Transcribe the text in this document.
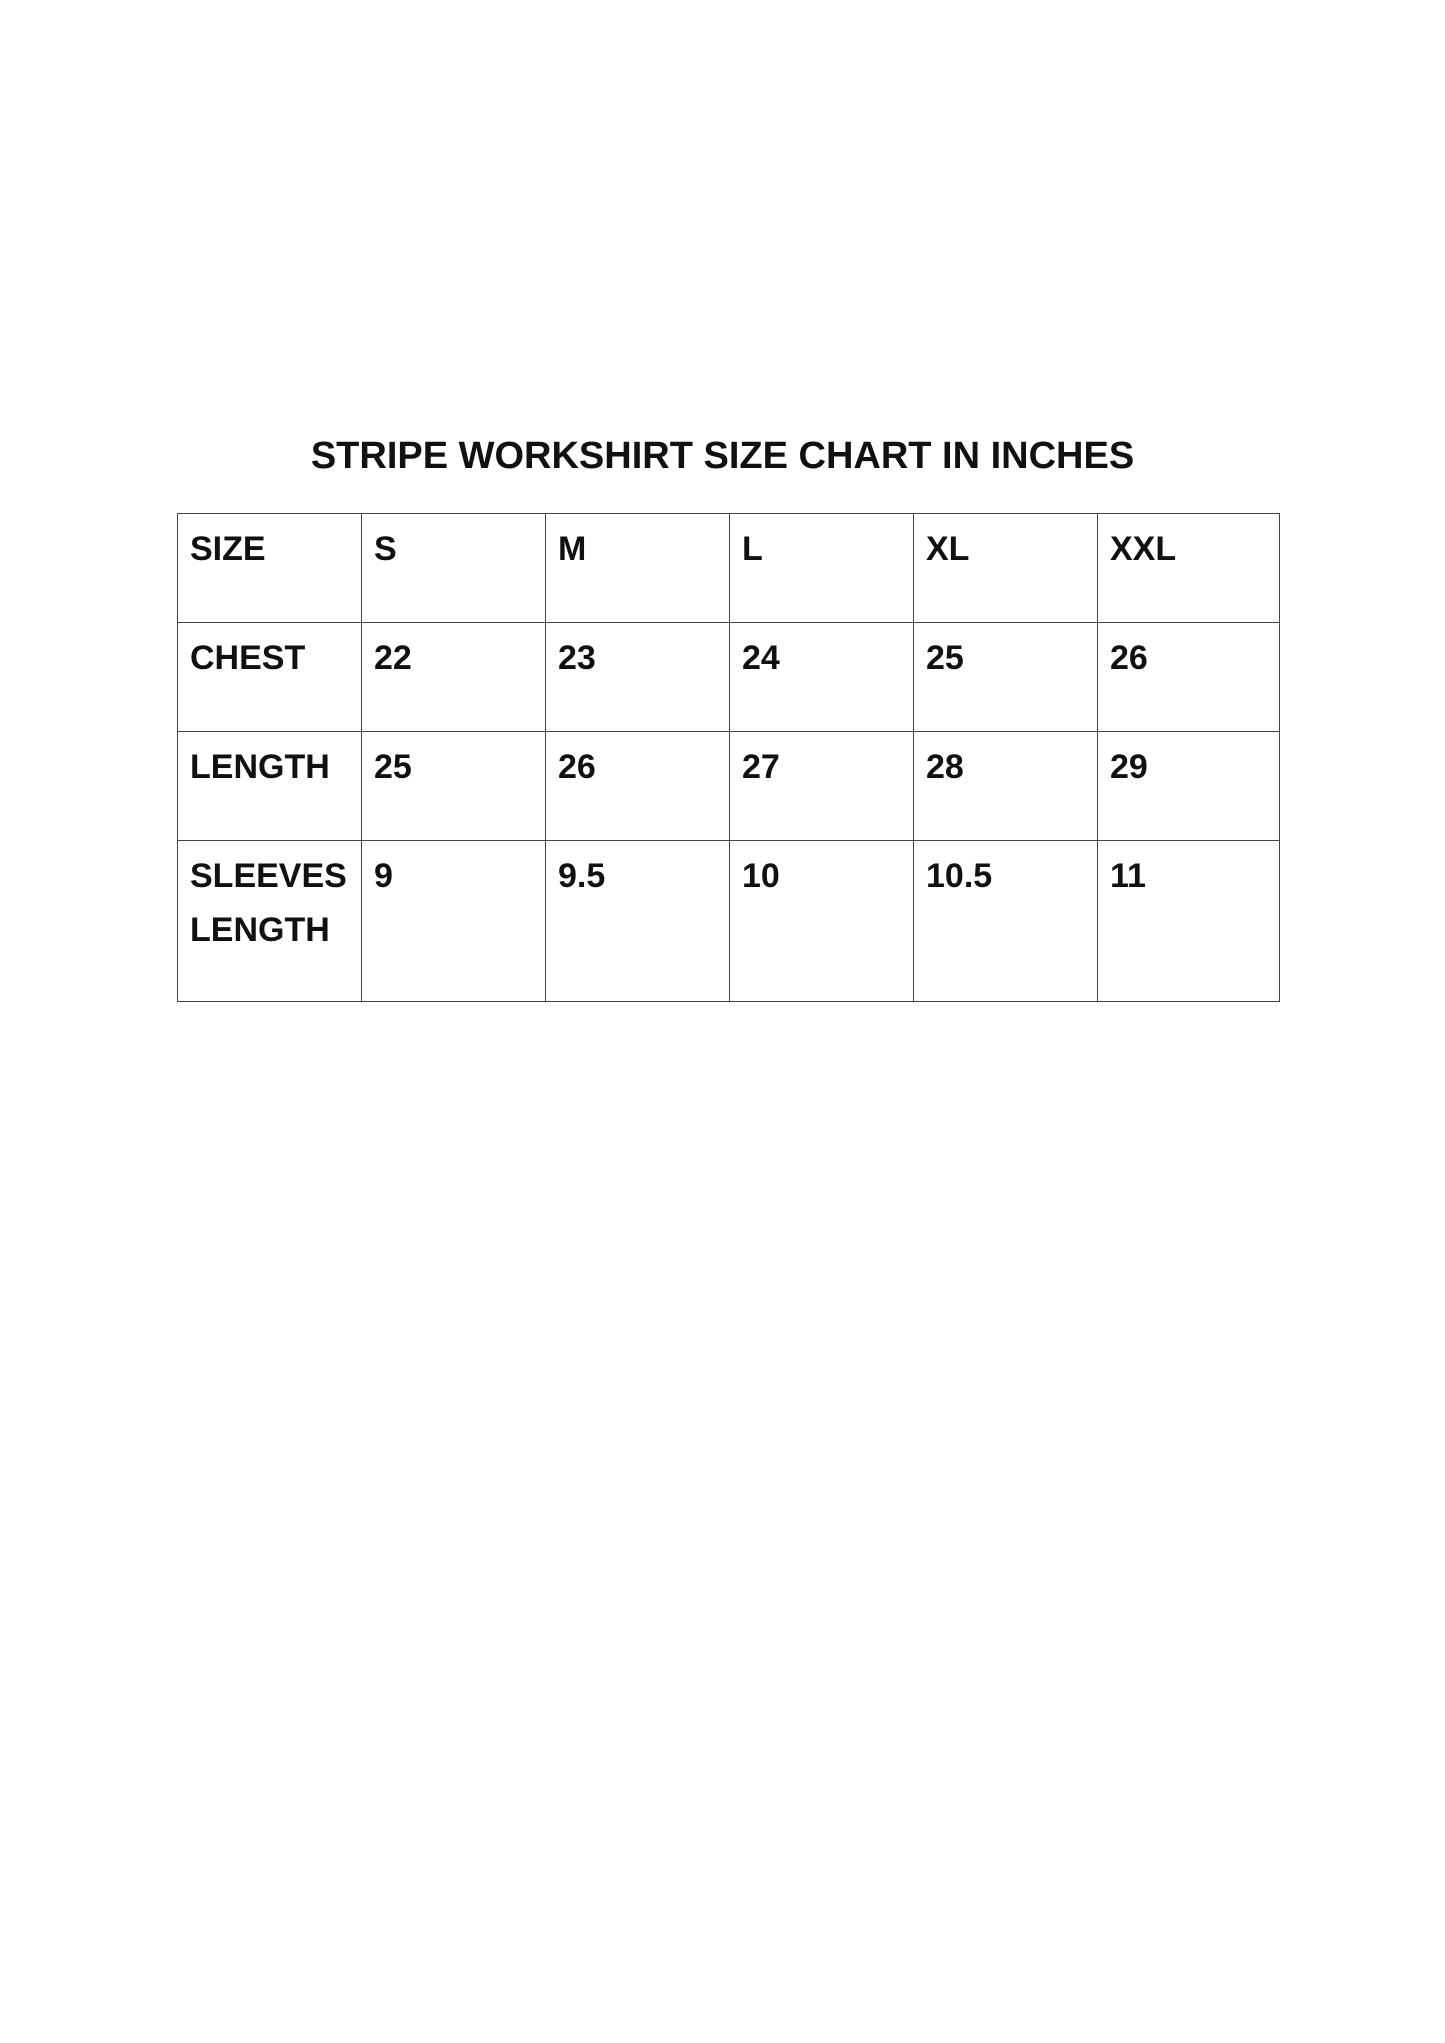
STRIPE WORKSHIRT SIZE CHART IN INCHES
SIZE	S	M	L	XL	XXL
CHEST	22	23	24	25	26
LENGTH	25	26	27	28	29
SLEEVES LENGTH	9	9.5	10	10.5	11
